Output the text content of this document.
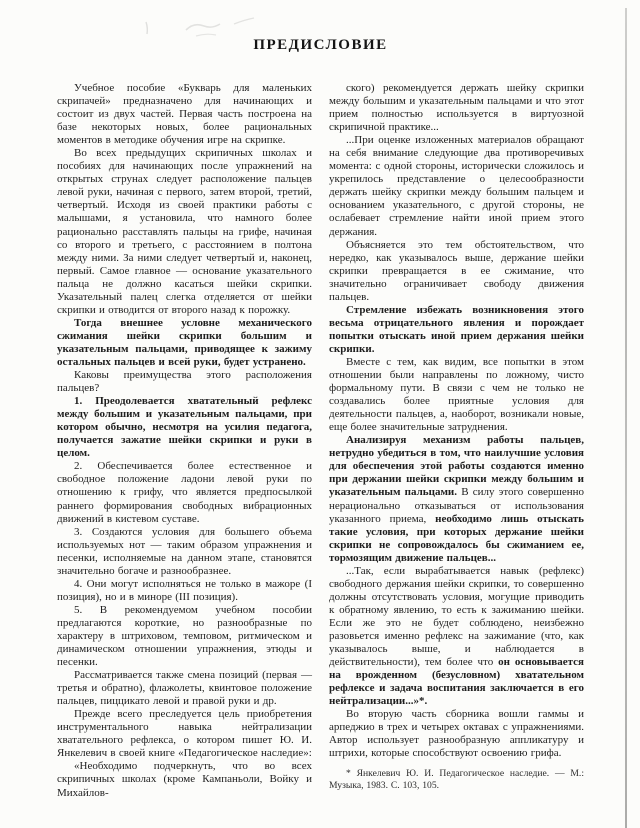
ПРЕДИСЛОВИЕ

Учебное пособие «Букварь для маленьких скрипачей» предназначено для начинающих и состоит из двух частей. Первая часть построена на базе некоторых новых, более рациональных моментов в методике обучения игре на скрипке.

Во всех предыдущих скрипичных школах и пособиях для начинающих после упражнений на открытых струнах следует расположение пальцев левой руки, начиная с первого, затем второй, третий, четвертый. Исходя из своей практики работы с малышами, я установила, что намного более рационально расставлять пальцы на грифе, начиная со второго и третьего, с расстоянием в полтона между ними. За ними следует четвертый и, наконец, первый. Самое главное — основание указательного пальца не должно касаться шейки скрипки. Указательный палец слегка отделяется от шейки скрипки и отводится от второго назад к порожку.

Тогда внешнее условне механического сжимания шейки скрипки большим и указательным пальцами, приводящее к зажиму остальных пальцев и всей руки, будет устранено.

Каковы преимущества этого расположения пальцев?

1. Преодолевается хватательный рефлекс между большим и указательным пальцами, при котором обычно, несмотря на усилия педагога, получается зажатие шейки скрипки и руки в целом.

2. Обеспечивается более естественное и свободное положение ладони левой руки по отношению к грифу, что является предпосылкой раннего формирования свободных вибрационных движений в кистевом суставе.

3. Создаются условия для большего объема используемых нот — таким образом упражнения и песенки, исполняемые на данном этапе, становятся значительно богаче и разнообразнее.

4. Они могут исполняться не только в мажоре (I позиция), но и в миноре (III позиция).

5. В рекомендуемом учебном пособии предлагаются короткие, но разнообразные по характеру в штриховом, темповом, ритмическом и динамическом отношении упражнения, этюды и песенки.

Рассматривается также смена позиций (первая — третья и обратно), флажолеты, квинтовое положение пальцев, пиццикато левой и правой руки и др.

Прежде всего преследуется цель приобретения инструментального навыка нейтрализации хватательного рефлекса, о котором пишет Ю. И. Янкелевич в своей книге «Педагогическое наследие»:

«Необходимо подчеркнуть, что во всех скрипичных школах (кроме Кампаньоли, Войку и Михайлов-

ского) рекомендуется держать шейку скрипки между большим и указательным пальцами и что этот прием полностью используется в виртуозной скрипичной практике...

...При оценке изложенных материалов обращают на себя внимание следующие два противоречивых момента: с одной стороны, исторически сложилось и укрепилось представление о целесообразности держать шейку скрипки между большим пальцем и основанием указательного, с другой стороны, не ослабевает стремление найти иной прием этого держания.

Объясняется это тем обстоятельством, что нередко, как указывалось выше, держание шейки скрипки превращается в ее сжимание, что значительно ограничивает свободу движения пальцев.

Стремление избежать возникновения этого весьма отрицательного явления и порождает попытки отыскать иной прием держания шейки скрипки.

Вместе с тем, как видим, все попытки в этом отношении были направлены по ложному, чисто формальному пути. В связи с чем не только не создавались более приятные условия для деятельности пальцев, а, наоборот, возникали новые, еще более значительные затруднения.

Анализируя механизм работы пальцев, нетрудно убедиться в том, что наилучшие условия для обеспечения этой работы создаются именно при держании шейки скрипки между большим и указательным пальцами. В силу этого совершенно нерационально отказываться от использования указанного приема, необходимо лишь отыскать такие условия, при которых держание шейки скрипки не сопровождалось бы сжиманием ее, тормозящим движение пальцев...

...Так, если вырабатывается навык (рефлекс) свободного держания шейки скрипки, то совершенно должны отсутствовать условия, могущие приводить к обратному явлению, то есть к зажиманию шейки. Если же это не будет соблюдено, неизбежно разовьется именно рефлекс на зажимание (что, как указывалось выше, и наблюдается в действительности), тем более что он основывается на врожденном (безусловном) хватательном рефлексе и задача воспитания заключается в его нейтрализации...»*.

Во вторую часть сборника вошли гаммы и арпеджио в трех и четырех октавах с упражнениями. Автор использует разнообразную аппликатуру и штрихи, которые способствуют освоению грифа.

* Янкелевич Ю. И. Педагогическое наследие. — М.: Музыка, 1983. С. 103, 105.
